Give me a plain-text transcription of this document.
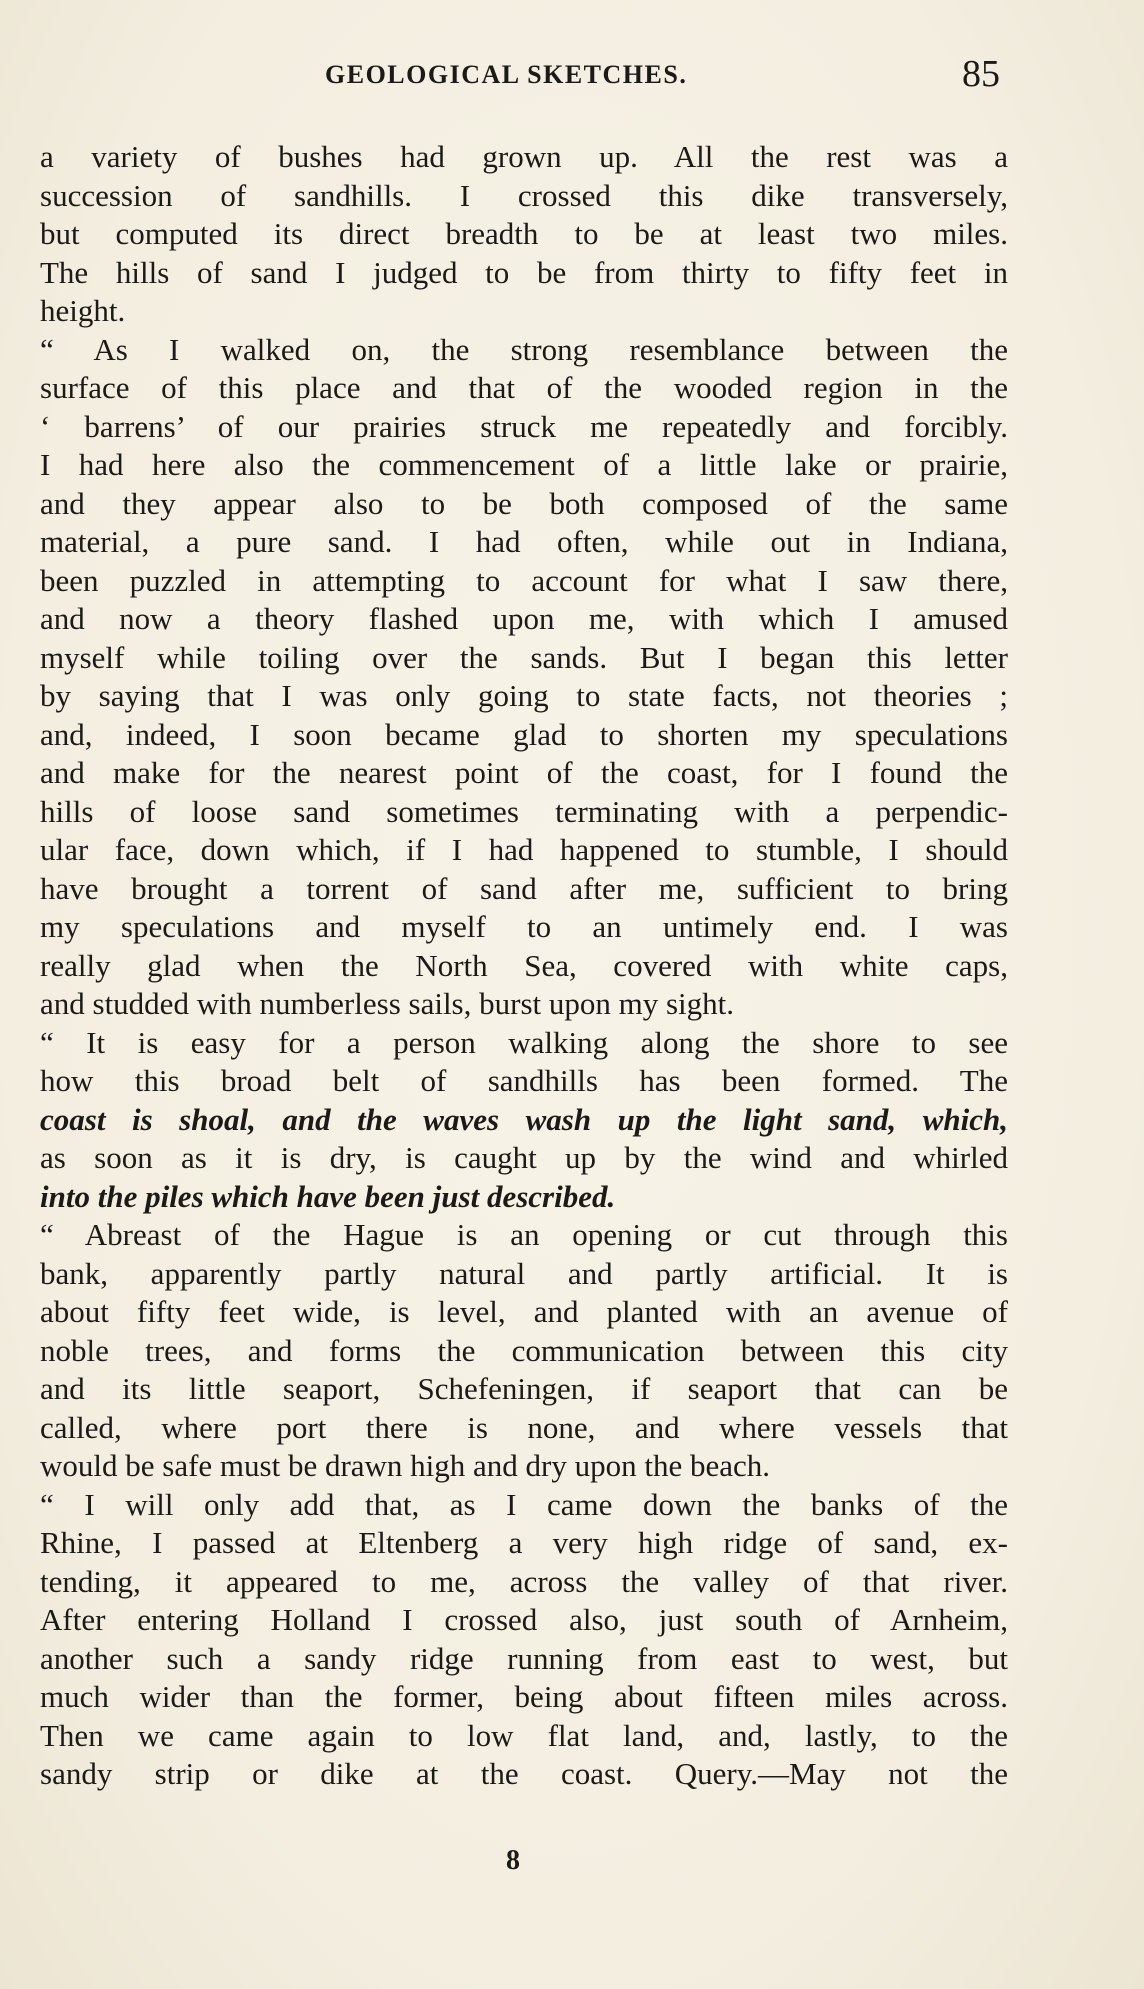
GEOLOGICAL SKETCHES.	85
a variety of bushes had grown up. All the rest was a
succession of sandhills. I crossed this dike transversely,
but computed its direct breadth to be at least two miles.
The hills of sand I judged to be from thirty to fifty feet in
height.
“ As I walked on, the strong resemblance between the
surface of this place and that of the wooded region in the
‘ barrens’ of our prairies struck me repeatedly and forcibly.
I had here also the commencement of a little lake or prairie,
and they appear also to be both composed of the same
material, a pure sand. I had often, while out in Indiana,
been puzzled in attempting to account for what I saw there,
and now a theory flashed upon me, with which I amused
myself while toiling over the sands. But I began this letter
by saying that I was only going to state facts, not theories ;
and, indeed, I soon became glad to shorten my speculations
and make for the nearest point of the coast, for I found the
hills of loose sand sometimes terminating with a perpendic-
ular face, down which, if I had happened to stumble, I should
have brought a torrent of sand after me, sufficient to bring
my speculations and myself to an untimely end. I was
really glad when the North Sea, covered with white caps,
and studded with numberless sails, burst upon my sight.
“ It is easy for a person walking along the shore to see
how this broad belt of sandhills has been formed. The
coast is shoal, and the waves wash up the light sand, which,
as soon as it is dry, is caught up by the wind and whirled
into the piles which have been just described.
“ Abreast of the Hague is an opening or cut through this
bank, apparently partly natural and partly artificial. It is
about fifty feet wide, is level, and planted with an avenue of
noble trees, and forms the communication between this city
and its little seaport, Schefeningen, if seaport that can be
called, where port there is none, and where vessels that
would be safe must be drawn high and dry upon the beach.
“ I will only add that, as I came down the banks of the
Rhine, I passed at Eltenberg a very high ridge of sand, ex-
tending, it appeared to me, across the valley of that river.
After entering Holland I crossed also, just south of Arnheim,
another such a sandy ridge running from east to west, but
much wider than the former, being about fifteen miles across.
Then we came again to low flat land, and, lastly, to the
sandy strip or dike at the coast. Query.—May not the
8
